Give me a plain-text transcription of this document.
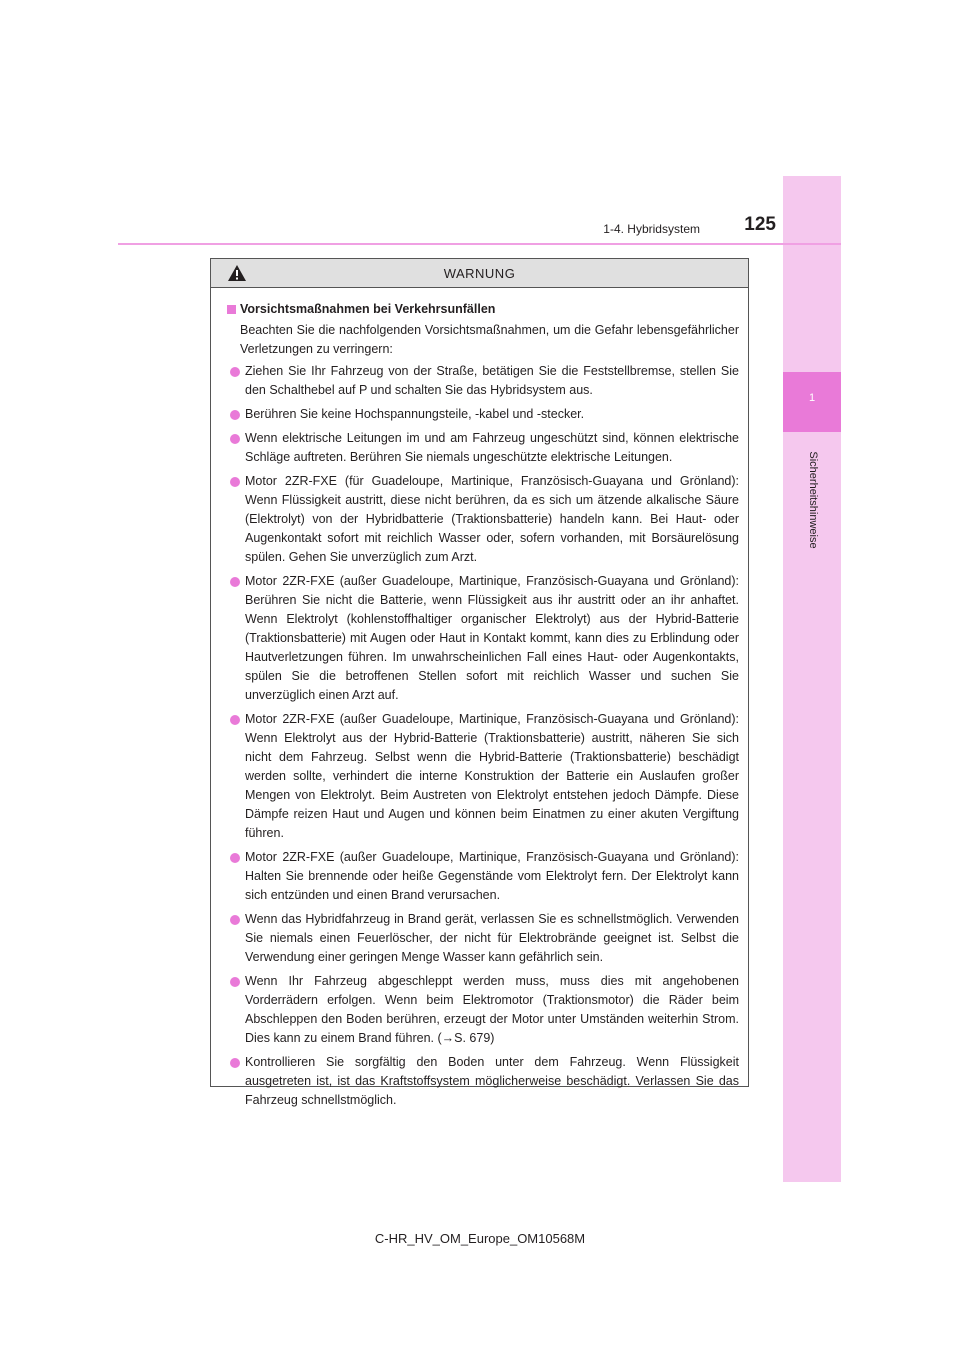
1
Sicherheitshinweise
1-4. Hybridsystem	125
WARNUNG
Vorsichtsmaßnahmen bei Verkehrsunfällen
Beachten Sie die nachfolgenden Vorsichtsmaßnahmen, um die Gefahr lebensgefährlicher Verletzungen zu verringern:
Ziehen Sie Ihr Fahrzeug von der Straße, betätigen Sie die Feststellbremse, stellen Sie den Schalthebel auf P und schalten Sie das Hybridsystem aus.
Berühren Sie keine Hochspannungsteile, -kabel und -stecker.
Wenn elektrische Leitungen im und am Fahrzeug ungeschützt sind, können elektrische Schläge auftreten. Berühren Sie niemals ungeschützte elektrische Leitungen.
Motor 2ZR-FXE (für Guadeloupe, Martinique, Französisch-Guayana und Grönland): Wenn Flüssigkeit austritt, diese nicht berühren, da es sich um ätzende alkalische Säure (Elektrolyt) von der Hybridbatterie (Traktionsbatterie) handeln kann. Bei Haut- oder Augenkontakt sofort mit reichlich Wasser oder, sofern vorhanden, mit Borsäurelösung spülen. Gehen Sie unverzüglich zum Arzt.
Motor 2ZR-FXE (außer Guadeloupe, Martinique, Französisch-Guayana und Grönland): Berühren Sie nicht die Batterie, wenn Flüssigkeit aus ihr austritt oder an ihr anhaftet. Wenn Elektrolyt (kohlenstoffhaltiger organischer Elektrolyt) aus der Hybrid-Batterie (Traktionsbatterie) mit Augen oder Haut in Kontakt kommt, kann dies zu Erblindung oder Hautverletzungen führen. Im unwahrscheinlichen Fall eines Haut- oder Augenkontakts, spülen Sie die betroffenen Stellen sofort mit reichlich Wasser und suchen Sie unverzüglich einen Arzt auf.
Motor 2ZR-FXE (außer Guadeloupe, Martinique, Französisch-Guayana und Grönland): Wenn Elektrolyt aus der Hybrid-Batterie (Traktionsbatterie) austritt, näheren Sie sich nicht dem Fahrzeug. Selbst wenn die Hybrid-Batterie (Traktionsbatterie) beschädigt werden sollte, verhindert die interne Konstruktion der Batterie ein Auslaufen großer Mengen von Elektrolyt. Beim Austreten von Elektrolyt entstehen jedoch Dämpfe. Diese Dämpfe reizen Haut und Augen und können beim Einatmen zu einer akuten Vergiftung führen.
Motor 2ZR-FXE (außer Guadeloupe, Martinique, Französisch-Guayana und Grönland): Halten Sie brennende oder heiße Gegenstände vom Elektrolyt fern. Der Elektrolyt kann sich entzünden und einen Brand verursachen.
Wenn das Hybridfahrzeug in Brand gerät, verlassen Sie es schnellstmöglich. Verwenden Sie niemals einen Feuerlöscher, der nicht für Elektrobrände geeignet ist. Selbst die Verwendung einer geringen Menge Wasser kann gefährlich sein.
Wenn Ihr Fahrzeug abgeschleppt werden muss, muss dies mit angehobenen Vorderrädern erfolgen. Wenn beim Elektromotor (Traktionsmotor) die Räder beim Abschleppen den Boden berühren, erzeugt der Motor unter Umständen weiterhin Strom. Dies kann zu einem Brand führen. (→S. 679)
Kontrollieren Sie sorgfältig den Boden unter dem Fahrzeug. Wenn Flüssigkeit ausgetreten ist, ist das Kraftstoffsystem möglicherweise beschädigt. Verlassen Sie das Fahrzeug schnellstmöglich.
C-HR_HV_OM_Europe_OM10568M
